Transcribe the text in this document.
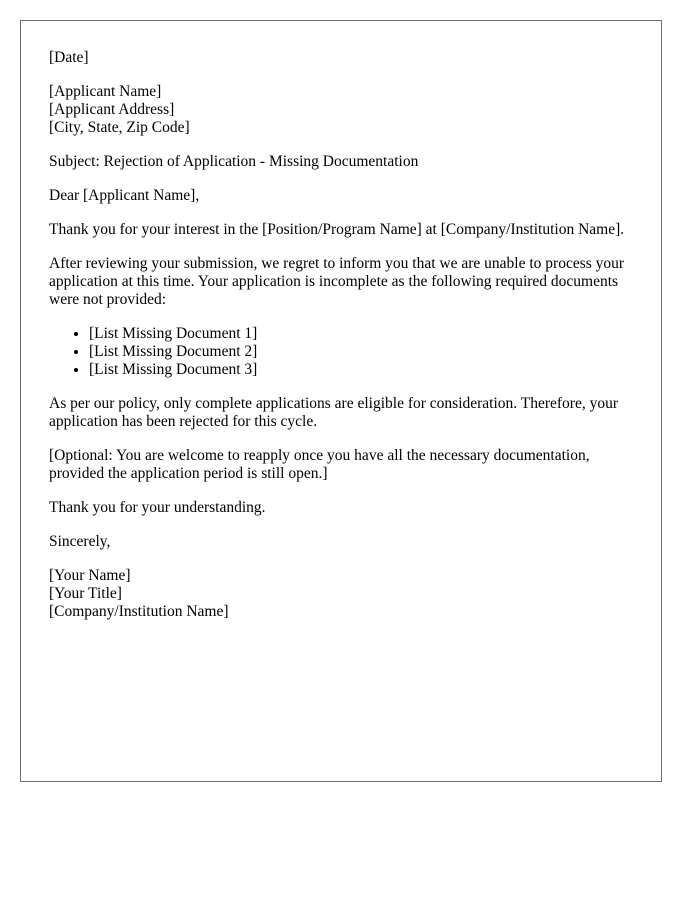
[Date]

[Applicant Name]
[Applicant Address]
[City, State, Zip Code]

Subject: Rejection of Application - Missing Documentation

Dear [Applicant Name],

Thank you for your interest in the [Position/Program Name] at [Company/Institution Name].

After reviewing your submission, we regret to inform you that we are unable to process your application at this time. Your application is incomplete as the following required documents were not provided:

• [List Missing Document 1]
• [List Missing Document 2]
• [List Missing Document 3]

As per our policy, only complete applications are eligible for consideration. Therefore, your application has been rejected for this cycle.

[Optional: You are welcome to reapply once you have all the necessary documentation, provided the application period is still open.]

Thank you for your understanding.

Sincerely,

[Your Name]
[Your Title]
[Company/Institution Name]
